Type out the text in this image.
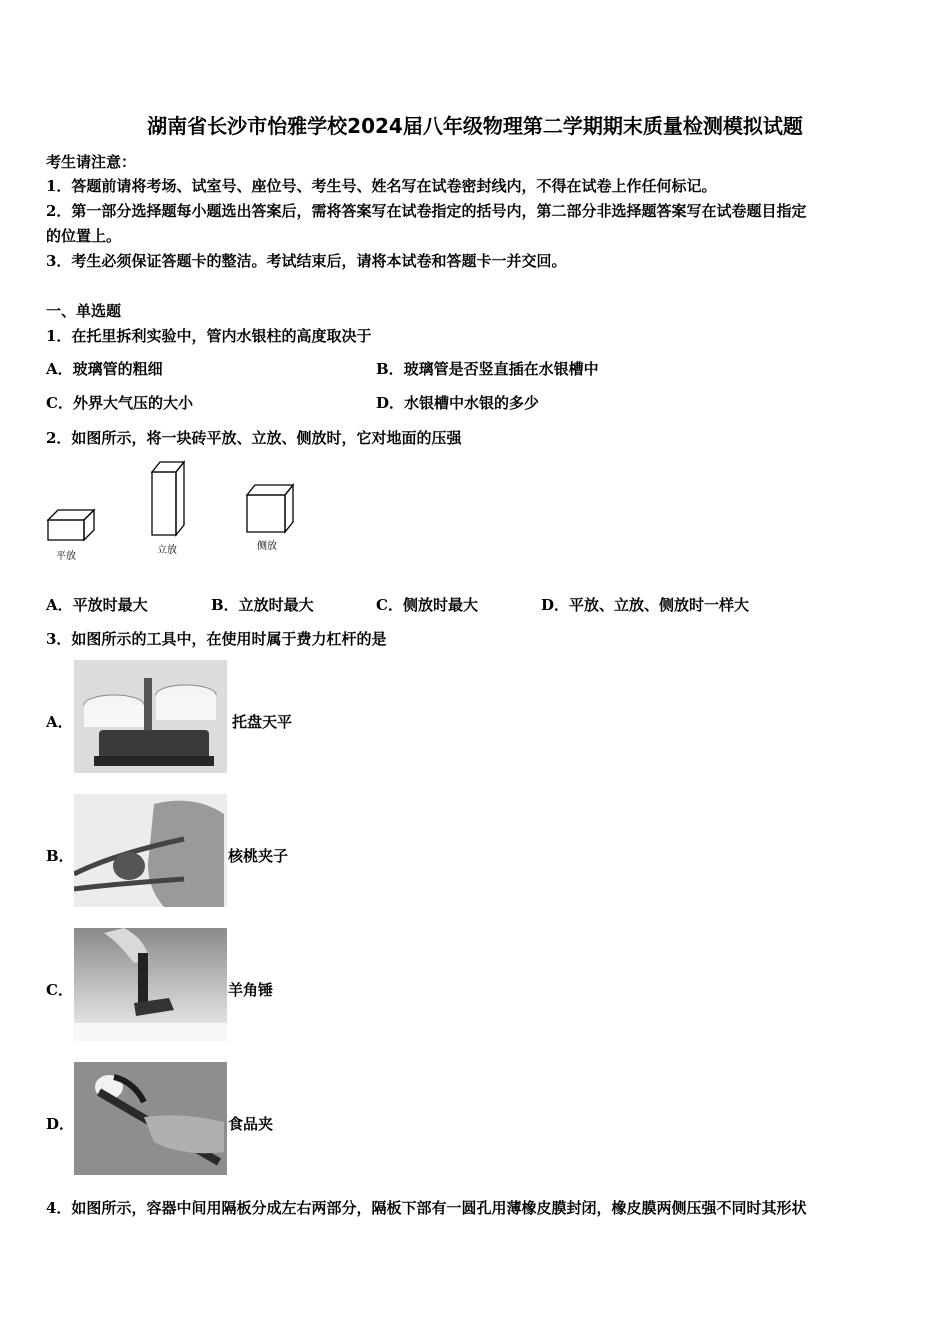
湖南省长沙市怡雅学校2024届八年级物理第二学期期末质量检测模拟试题
考生请注意：
1．答题前请将考场、试室号、座位号、考生号、姓名写在试卷密封线内，不得在试卷上作任何标记。
2．第一部分选择题每小题选出答案后，需将答案写在试卷指定的括号内，第二部分非选择题答案写在试卷题目指定
的位置上。
3．考生必须保证答题卡的整洁。考试结束后，请将本试卷和答题卡一并交回。
一、单选题
1．在托里拆利实验中，管内水银柱的高度取决于
A．玻璃管的粗细	B．玻璃管是否竖直插在水银槽中
C．外界大气压的大小	D．水银槽中水银的多少
2．如图所示，将一块砖平放、立放、侧放时，它对地面的压强
平放
立放	侧放
A．平放时最大	B．立放时最大	C．侧放时最大	D．平放、立放、侧放时一样大
3．如图所示的工具中，在使用时属于费力杠杆的是
A．	托盘天平
B．	核桃夹子
C．	羊角锤
D．	食品夹
4．如图所示，容器中间用隔板分成左右两部分，隔板下部有一圆孔用薄橡皮膜封闭，橡皮膜两侧压强不同时其形状
